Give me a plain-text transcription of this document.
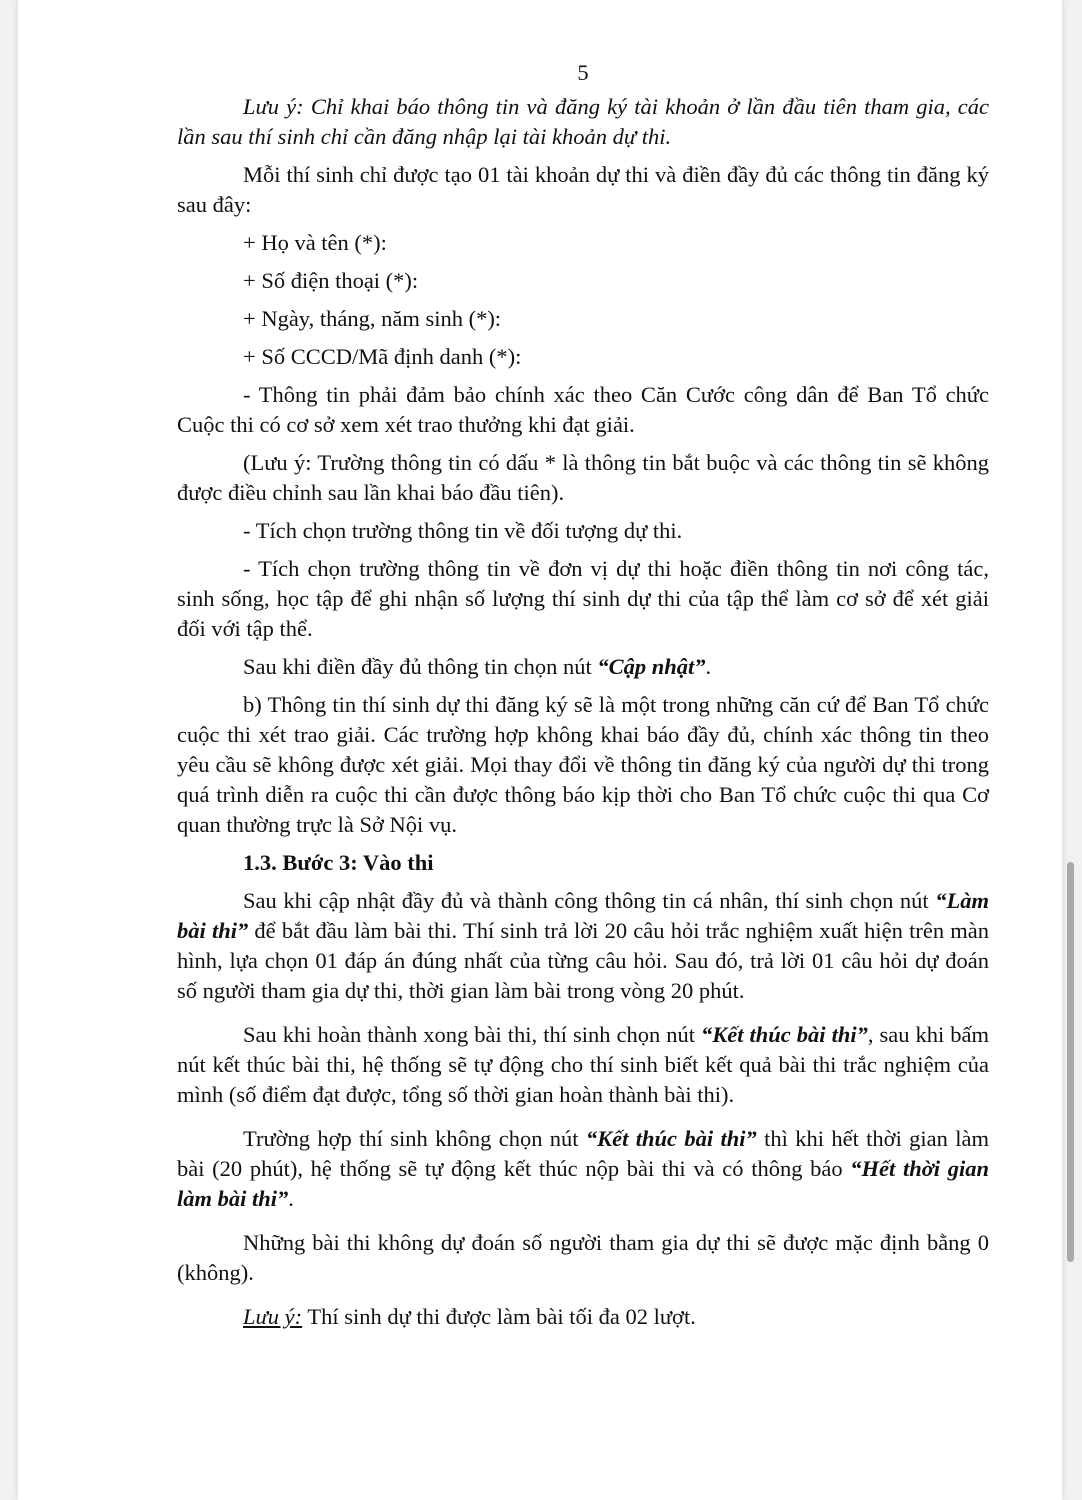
5

Lưu ý: Chỉ khai báo thông tin và đăng ký tài khoản ở lần đầu tiên tham gia, các lần sau thí sinh chỉ cần đăng nhập lại tài khoản dự thi.

Mỗi thí sinh chỉ được tạo 01 tài khoản dự thi và điền đầy đủ các thông tin đăng ký sau đây:

+ Họ và tên (*):

+ Số điện thoại (*):

+ Ngày, tháng, năm sinh (*):

+ Số CCCD/Mã định danh (*):

- Thông tin phải đảm bảo chính xác theo Căn Cước công dân để Ban Tổ chức Cuộc thi có cơ sở xem xét trao thưởng khi đạt giải.

(Lưu ý: Trường thông tin có dấu * là thông tin bắt buộc và các thông tin sẽ không được điều chỉnh sau lần khai báo đầu tiên).

- Tích chọn trường thông tin về đối tượng dự thi.

- Tích chọn trường thông tin về đơn vị dự thi hoặc điền thông tin nơi công tác, sinh sống, học tập để ghi nhận số lượng thí sinh dự thi của tập thể làm cơ sở để xét giải đối với tập thể.

Sau khi điền đầy đủ thông tin chọn nút “Cập nhật”.

b) Thông tin thí sinh dự thi đăng ký sẽ là một trong những căn cứ để Ban Tổ chức cuộc thi xét trao giải. Các trường hợp không khai báo đầy đủ, chính xác thông tin theo yêu cầu sẽ không được xét giải. Mọi thay đổi về thông tin đăng ký của người dự thi trong quá trình diễn ra cuộc thi cần được thông báo kịp thời cho Ban Tổ chức cuộc thi qua Cơ quan thường trực là Sở Nội vụ.

1.3. Bước 3: Vào thi

Sau khi cập nhật đầy đủ và thành công thông tin cá nhân, thí sinh chọn nút “Làm bài thi” để bắt đầu làm bài thi. Thí sinh trả lời 20 câu hỏi trắc nghiệm xuất hiện trên màn hình, lựa chọn 01 đáp án đúng nhất của từng câu hỏi. Sau đó, trả lời 01 câu hỏi dự đoán số người tham gia dự thi, thời gian làm bài trong vòng 20 phút.

Sau khi hoàn thành xong bài thi, thí sinh chọn nút “Kết thúc bài thi”, sau khi bấm nút kết thúc bài thi, hệ thống sẽ tự động cho thí sinh biết kết quả bài thi trắc nghiệm của mình (số điểm đạt được, tổng số thời gian hoàn thành bài thi).

Trường hợp thí sinh không chọn nút “Kết thúc bài thi” thì khi hết thời gian làm bài (20 phút), hệ thống sẽ tự động kết thúc nộp bài thi và có thông báo “Hết thời gian làm bài thi”.

Những bài thi không dự đoán số người tham gia dự thi sẽ được mặc định bằng 0 (không).

Lưu ý: Thí sinh dự thi được làm bài tối đa 02 lượt.
